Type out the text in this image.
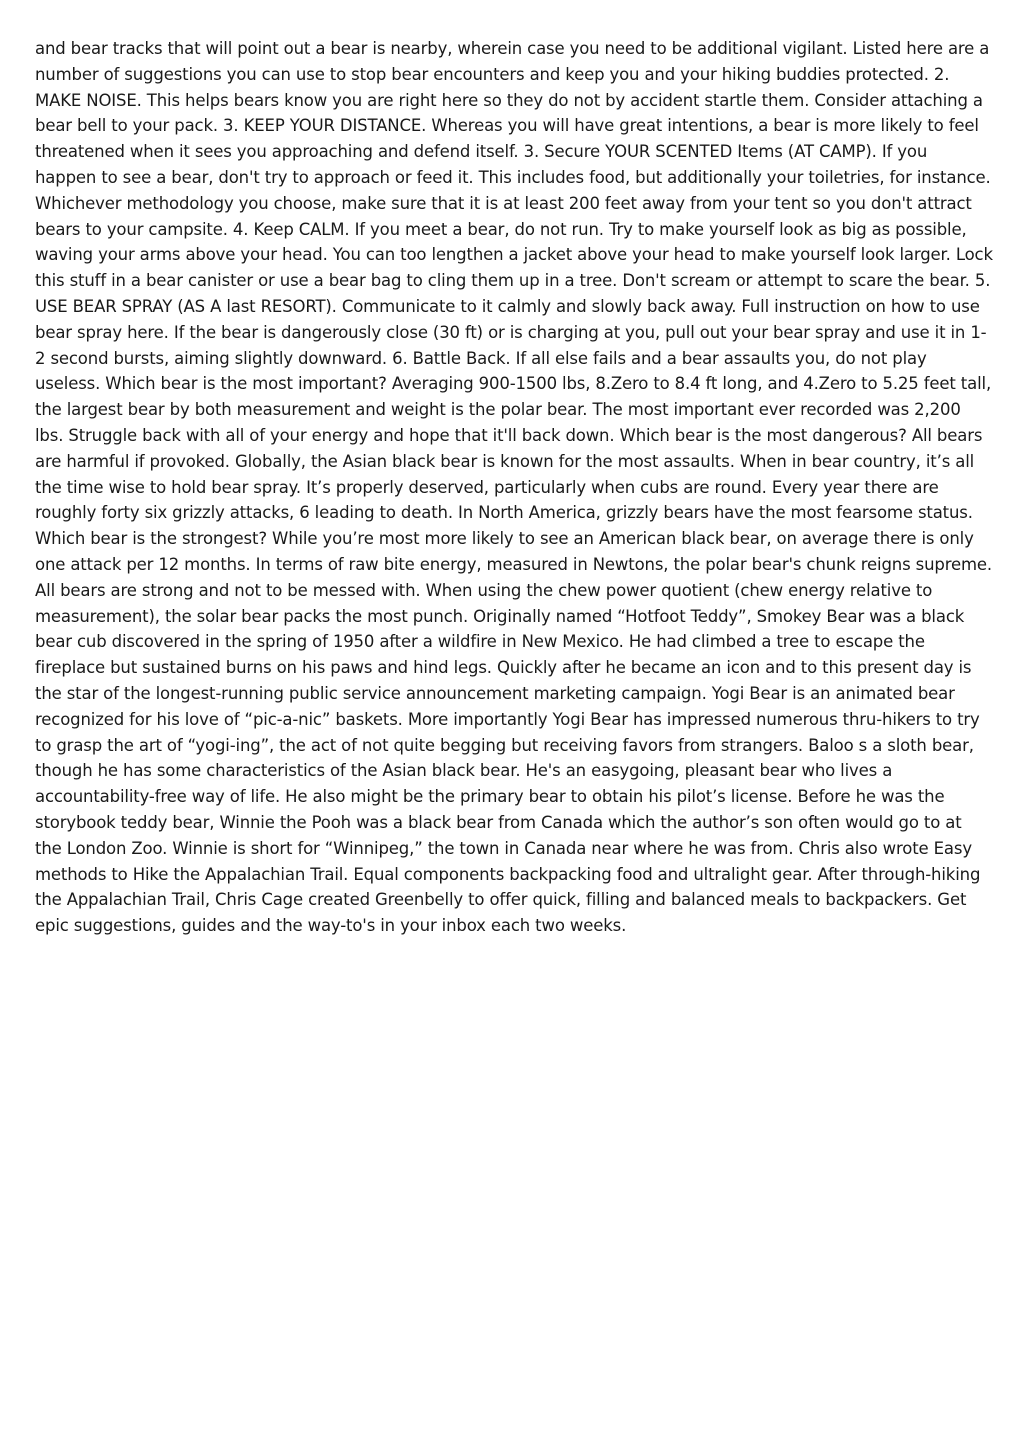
and bear tracks that will point out a bear is nearby, wherein case you need to be additional vigilant. Listed here are a number of suggestions you can use to stop bear encounters and keep you and your hiking buddies protected. 2. MAKE NOISE. This helps bears know you are right here so they do not by accident startle them. Consider attaching a bear bell to your pack. 3. KEEP YOUR DISTANCE. Whereas you will have great intentions, a bear is more likely to feel threatened when it sees you approaching and defend itself. 3. Secure YOUR SCENTED Items (AT CAMP). If you happen to see a bear, don't try to approach or feed it. This includes food, but additionally your toiletries, for instance. Whichever methodology you choose, make sure that it is at least 200 feet away from your tent so you don't attract bears to your campsite. 4. Keep CALM. If you meet a bear, do not run. Try to make yourself look as big as possible, waving your arms above your head. You can too lengthen a jacket above your head to make yourself look larger. Lock this stuff in a bear canister or use a bear bag to cling them up in a tree. Don't scream or attempt to scare the bear. 5. USE BEAR SPRAY (AS A last RESORT). Communicate to it calmly and slowly back away. Full instruction on how to use bear spray here. If the bear is dangerously close (30 ft) or is charging at you, pull out your bear spray and use it in 1-2 second bursts, aiming slightly downward. 6. Battle Back. If all else fails and a bear assaults you, do not play useless. Which bear is the most important? Averaging 900-1500 lbs, 8.Zero to 8.4 ft long, and 4.Zero to 5.25 feet tall, the largest bear by both measurement and weight is the polar bear. The most important ever recorded was 2,200 lbs. Struggle back with all of your energy and hope that it'll back down. Which bear is the most dangerous? All bears are harmful if provoked. Globally, the Asian black bear is known for the most assaults. When in bear country, it’s all the time wise to hold bear spray. It’s properly deserved, particularly when cubs are round. Every year there are roughly forty six grizzly attacks, 6 leading to death. In North America, grizzly bears have the most fearsome status. Which bear is the strongest? While you’re most more likely to see an American black bear, on average there is only one attack per 12 months. In terms of raw bite energy, measured in Newtons, the polar bear's chunk reigns supreme. All bears are strong and not to be messed with. When using the chew power quotient (chew energy relative to measurement), the solar bear packs the most punch. Originally named “Hotfoot Teddy”, Smokey Bear was a black bear cub discovered in the spring of 1950 after a wildfire in New Mexico. He had climbed a tree to escape the fireplace but sustained burns on his paws and hind legs. Quickly after he became an icon and to this present day is the star of the longest-running public service announcement marketing campaign. Yogi Bear is an animated bear recognized for his love of “pic-a-nic” baskets. More importantly Yogi Bear has impressed numerous thru-hikers to try to grasp the art of “yogi-ing”, the act of not quite begging but receiving favors from strangers. Baloo s a sloth bear, though he has some characteristics of the Asian black bear. He's an easygoing, pleasant bear who lives a accountability-free way of life. He also might be the primary bear to obtain his pilot’s license. Before he was the storybook teddy bear, Winnie the Pooh was a black bear from Canada which the author’s son often would go to at the London Zoo. Winnie is short for “Winnipeg,” the town in Canada near where he was from. Chris also wrote Easy methods to Hike the Appalachian Trail. Equal components backpacking food and ultralight gear. After through-hiking the Appalachian Trail, Chris Cage created Greenbelly to offer quick, filling and balanced meals to backpackers. Get epic suggestions, guides and the way-to's in your inbox each two weeks.
